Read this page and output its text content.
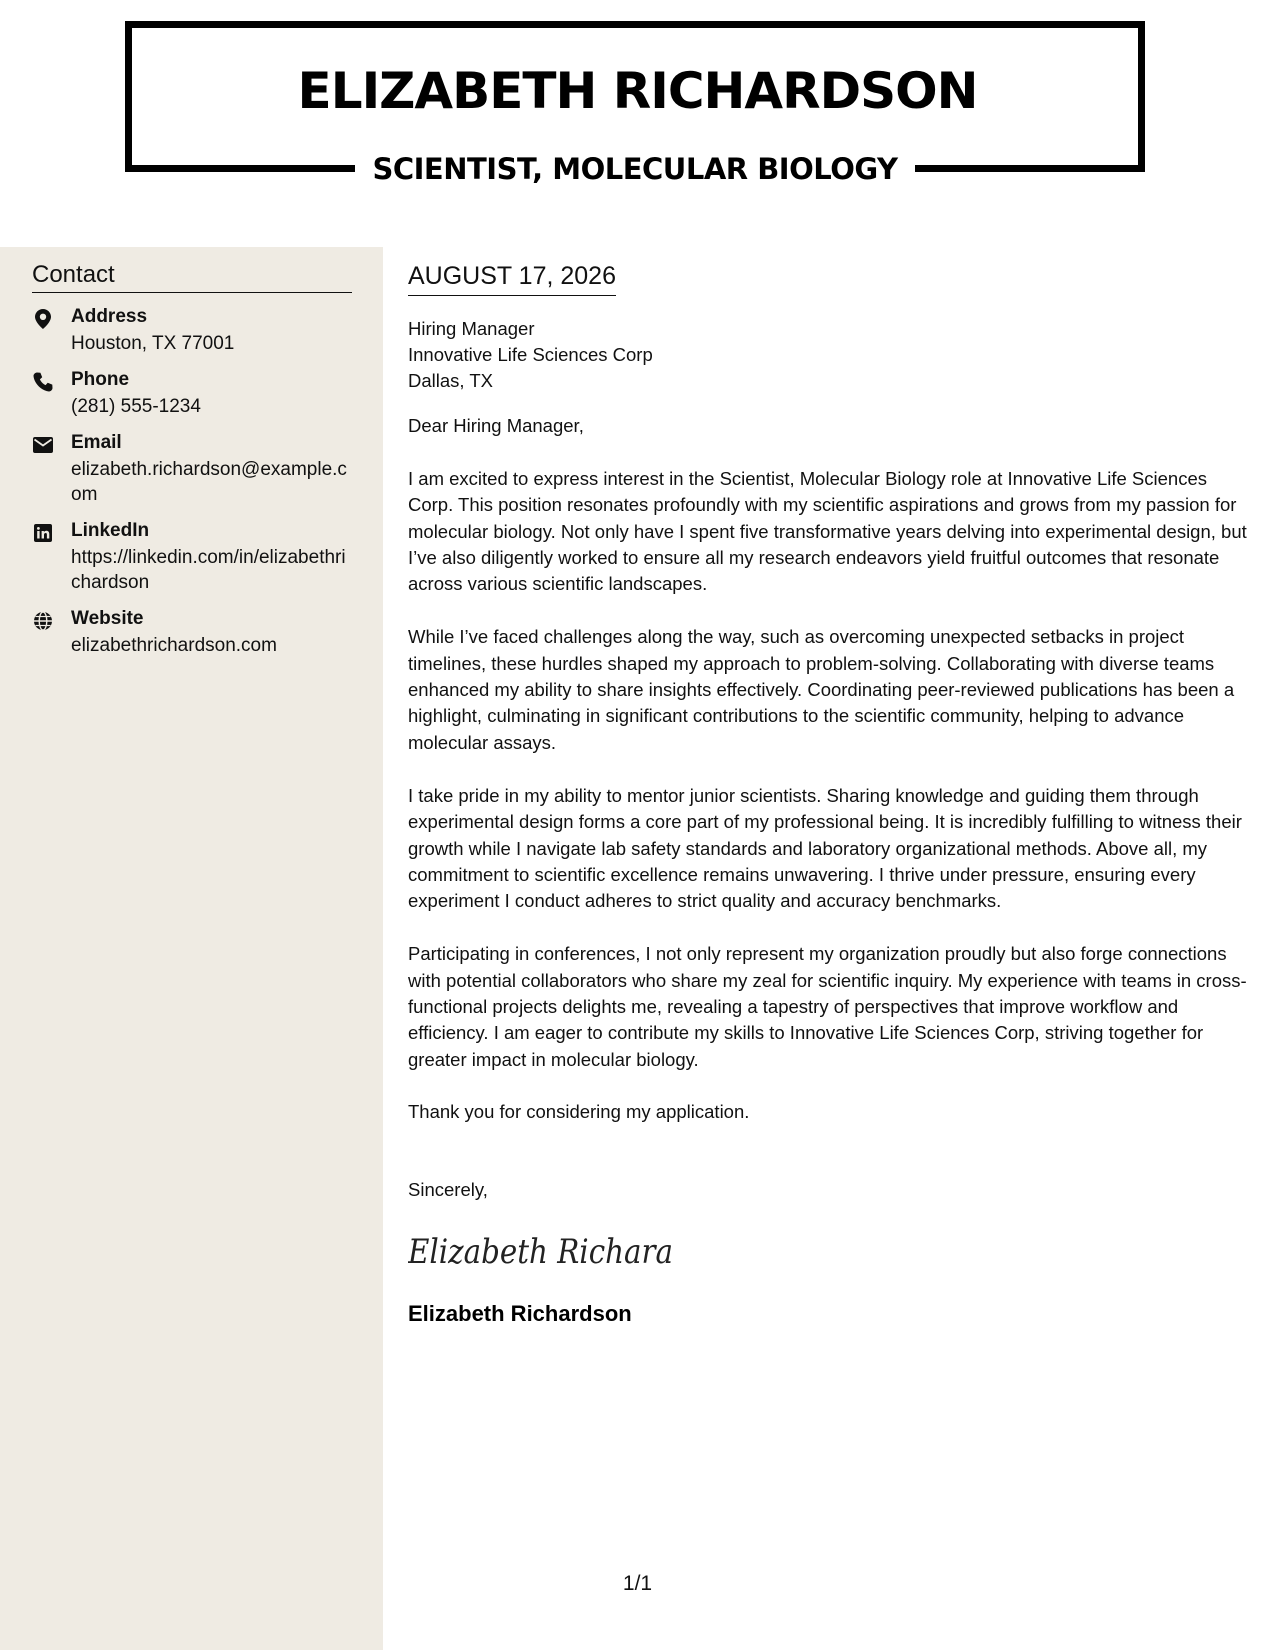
ELIZABETH RICHARDSON
SCIENTIST, MOLECULAR BIOLOGY
Contact
Address
Houston, TX 77001
Phone
(281) 555-1234
Email
elizabeth.richardson@example.com
LinkedIn
https://linkedin.com/in/elizabethrichardson
Website
elizabethrichardson.com
AUGUST 17, 2026
Hiring Manager
Innovative Life Sciences Corp
Dallas, TX
Dear Hiring Manager,

I am excited to express interest in the Scientist, Molecular Biology role at Innovative Life Sciences Corp. This position resonates profoundly with my scientific aspirations and grows from my passion for molecular biology. Not only have I spent five transformative years delving into experimental design, but I’ve also diligently worked to ensure all my research endeavors yield fruitful outcomes that resonate across various scientific landscapes.

While I’ve faced challenges along the way, such as overcoming unexpected setbacks in project timelines, these hurdles shaped my approach to problem-solving. Collaborating with diverse teams enhanced my ability to share insights effectively. Coordinating peer-reviewed publications has been a highlight, culminating in significant contributions to the scientific community, helping to advance molecular assays.

I take pride in my ability to mentor junior scientists. Sharing knowledge and guiding them through experimental design forms a core part of my professional being. It is incredibly fulfilling to witness their growth while I navigate lab safety standards and laboratory organizational methods. Above all, my commitment to scientific excellence remains unwavering. I thrive under pressure, ensuring every experiment I conduct adheres to strict quality and accuracy benchmarks.

Participating in conferences, I not only represent my organization proudly but also forge connections with potential collaborators who share my zeal for scientific inquiry. My experience with teams in cross-functional projects delights me, revealing a tapestry of perspectives that improve workflow and efficiency. I am eager to contribute my skills to Innovative Life Sciences Corp, striving together for greater impact in molecular biology.

Thank you for considering my application.
Sincerely,
Elizabeth Richara
Elizabeth Richardson
1/1
